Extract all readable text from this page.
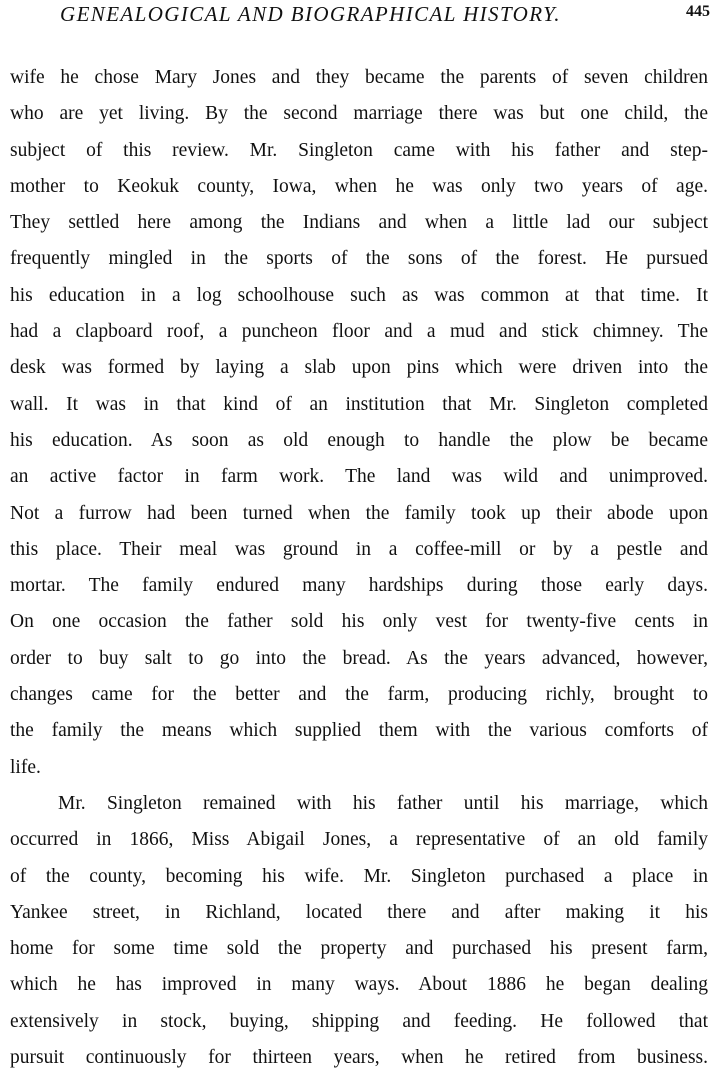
GENEALOGICAL AND BIOGRAPHICAL HISTORY.	445
wife he chose Mary Jones and they became the parents of seven children
who are yet living. By the second marriage there was but one child, the
subject of this review. Mr. Singleton came with his father and step-
mother to Keokuk county, Iowa, when he was only two years of age.
They settled here among the Indians and when a little lad our subject
frequently mingled in the sports of the sons of the forest. He pursued
his education in a log schoolhouse such as was common at that time. It
had a clapboard roof, a puncheon floor and a mud and stick chimney. The
desk was formed by laying a slab upon pins which were driven into the
wall. It was in that kind of an institution that Mr. Singleton completed
his education. As soon as old enough to handle the plow be became
an active factor in farm work. The land was wild and unimproved.
Not a furrow had been turned when the family took up their abode upon
this place. Their meal was ground in a coffee-mill or by a pestle and
mortar. The family endured many hardships during those early days.
On one occasion the father sold his only vest for twenty-five cents in
order to buy salt to go into the bread. As the years advanced, however,
changes came for the better and the farm, producing richly, brought to
the family the means which supplied them with the various comforts of
life.
Mr. Singleton remained with his father until his marriage, which
occurred in 1866, Miss Abigail Jones, a representative of an old family
of the county, becoming his wife. Mr. Singleton purchased a place in
Yankee street, in Richland, located there and after making it his
home for some time sold the property and purchased his present farm,
which he has improved in many ways. About 1886 he began dealing
extensively in stock, buying, shipping and feeding. He followed that
pursuit continuously for thirteen years, when he retired from business.
